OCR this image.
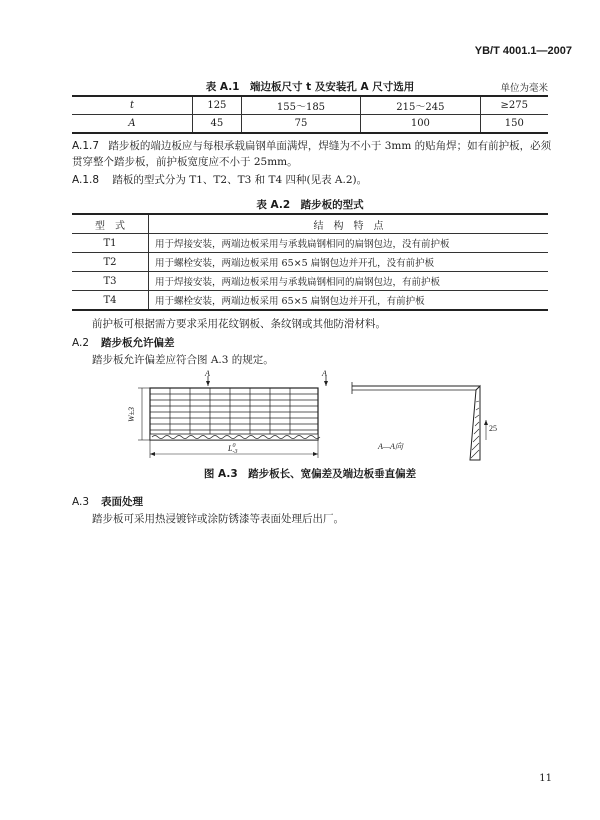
YB/T 4001.1—2007
表 A.1　端边板尺寸 t 及安装孔 A 尺寸选用	单位为毫米
t	125	155～185	215～245	≥275
A	45	75	100	150
A.1.7 踏步板的端边板应与每根承载扁钢单面满焊，焊缝为不小于 3mm 的贴角焊；如有前护板，必须
贯穿整个踏步板，前护板宽度应不小于 25mm。
A.1.8 踏板的型式分为 T1、T2、T3 和 T4 四种(见表 A.2)。
表 A.2　踏步板的型式
型　式	结　构　特　点
T1	用于焊接安装，两端边板采用与承载扁钢相同的扁钢包边，没有前护板
T2	用于螺栓安装，两端边板采用 65×5 扁钢包边并开孔，没有前护板
T3	用于焊接安装，两端边板采用与承载扁钢相同的扁钢包边，有前护板
T4	用于螺栓安装，两端边板采用 65×5 扁钢包边并开孔，有前护板
前护板可根据需方要求采用花纹钢板、条纹钢或其他防滑材料。
A.2 踏步板允许偏差
踏步板允许偏差应符合图 A.3 的规定。
A	A
W±3
L 0
-3
A—A向
25
图 A.3　踏步板长、宽偏差及端边板垂直偏差
A.3 表面处理
踏步板可采用热浸镀锌或涂防锈漆等表面处理后出厂。
11
